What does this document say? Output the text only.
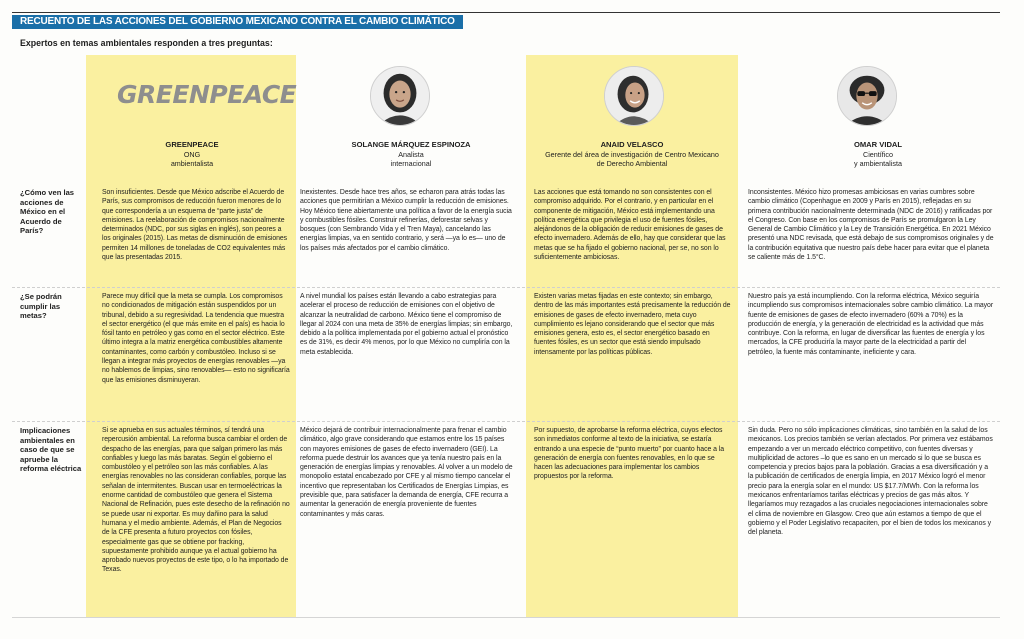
RECUENTO DE LAS ACCIONES DEL GOBIERNO MEXICANO CONTRA EL CAMBIO CLIMÁTICO
Expertos en temas ambientales responden a tres preguntas:
GREENPEACE
GREENPEACE
ONG
ambientalista
SOLANGE MÁRQUEZ ESPINOZA
Analista
internacional
ANAID VELASCO
Gerente del área de investigación de Centro Mexicano
de Derecho Ambiental
OMAR VIDAL
Científico
y ambientalista
¿Cómo ven las acciones de México en el Acuerdo de París?
¿Se podrán cumplir las metas?
Implicaciones ambientales en caso de que se apruebe la reforma eléctrica
Son insuficientes. Desde que México adscribe el Acuerdo de París, sus compromisos de reducción fueron menores de lo que correspondería a un esquema de “parte justa” de emisiones. La reelaboración de compromisos nacionalmente determinados (NDC, por sus siglas en inglés), son peores a los originales (2015). Las metas de disminución de emisiones permiten 14 millones de toneladas de CO2 equivalentes más que las presentadas 2015.
Inexistentes. Desde hace tres años, se echaron para atrás todas las acciones que permitirían a México cumplir la reducción de emisiones. Hoy México tiene abiertamente una política a favor de la energía sucia y combustibles fósiles. Construir refinerías, deforestar selvas y bosques (con Sembrando Vida y el Tren Maya), cancelando las energías limpias, va en sentido contrario, y será —ya lo es— uno de los países más afectados por el cambio climático.
Las acciones que está tomando no son consistentes con el compromiso adquirido. Por el contrario, y en particular en el componente de mitigación, México está implementando una política energética que privilegia el uso de fuentes fósiles, alejándonos de la obligación de reducir emisiones de gases de efecto invernadero. Además de ello, hay que considerar que las metas que se ha fijado el gobierno nacional, per se, no son lo suficientemente ambiciosas.
Inconsistentes. México hizo promesas ambiciosas en varias cumbres sobre cambio climático (Copenhague en 2009 y París en 2015), reflejadas en su primera contribución nacionalmente determinada (NDC de 2016) y ratificadas por el Congreso. Con base en los compromisos de París se promulgaron la Ley General de Cambio Climático y la Ley de Transición Energética. En 2021 México presentó una NDC revisada, que está debajo de sus compromisos originales y de la contribución equitativa que nuestro país debe hacer para evitar que el planeta se caliente más de 1.5°C.
Parece muy difícil que la meta se cumpla. Los compromisos no condicionados de mitigación están suspendidos por un tribunal, debido a su regresividad. La tendencia que muestra el sector energético (el que más emite en el país) es hacia lo fósil tanto en petróleo y gas como en el sector eléctrico. Este último integra a la matriz energética combustibles altamente contaminantes, como carbón y combustóleo. Incluso si se llegan a integrar más proyectos de energías renovables —ya no hablemos de limpias, sino renovables— esto no significaría que las emisiones disminuyeran.
A nivel mundial los países están llevando a cabo estrategias para acelerar el proceso de reducción de emisiones con el objetivo de alcanzar la neutralidad de carbono. México tiene el compromiso de llegar al 2024 con una meta de 35% de energías limpias; sin embargo, debido a la política implementada por el gobierno actual el pronóstico es de 31%, es decir 4% menos, por lo que México no cumpliría con la meta establecida.
Existen varias metas fijadas en este contexto; sin embargo, dentro de las más importantes está precisamente la reducción de emisiones de gases de efecto invernadero, meta cuyo cumplimiento es lejano considerando que el sector que más emisiones genera, esto es, el sector energético basado en fuentes fósiles, es un sector que está siendo impulsado intensamente por las políticas públicas.
Nuestro país ya está incumpliendo. Con la reforma eléctrica, México seguiría incumpliendo sus compromisos internacionales sobre cambio climático. La mayor fuente de emisiones de gases de efecto invernadero (60% a 70%) es la producción de energía, y la generación de electricidad es la actividad que más contribuye. Con la reforma, en lugar de diversificar las fuentes de energía y los mercados, la CFE produciría la mayor parte de la electricidad a partir del petróleo, la fuente más contaminante, ineficiente y cara.
Si se aprueba en sus actuales términos, sí tendrá una repercusión ambiental. La reforma busca cambiar el orden de despacho de las energías, para que salgan primero las más confiables y luego las más baratas. Según el gobierno el combustóleo y el petróleo son las más confiables. A las energías renovables no las consideran confiables, porque las señalan de intermitentes. Buscan usar en termoeléctricas la enorme cantidad de combustóleo que genera el Sistema Nacional de Refinación, pues este desecho de la refinación no se puede usar ni exportar. Es muy dañino para la salud humana y el medio ambiente. Además, el Plan de Negocios de la CFE presenta a futuro proyectos con fósiles, especialmente gas que se obtiene por fracking, supuestamente prohibido aunque ya el actual gobierno ha aprobado nuevos proyectos de este tipo, o lo ha importado de Texas.
México dejará de contribuir internacionalmente para frenar el cambio climático, algo grave considerando que estamos entre los 15 países con mayores emisiones de gases de efecto invernadero (GEI). La reforma puede destruir los avances que ya tenía nuestro país en la generación de energías limpias y renovables. Al volver a un modelo de monopolio estatal encabezado por CFE y al mismo tiempo cancelar el incentivo que representaban los Certificados de Energías Limpias, es previsible que, para satisfacer la demanda de energía, CFE recurra a aumentar la generación de energía proveniente de fuentes contaminantes y más caras.
Por supuesto, de aprobarse la reforma eléctrica, cuyos efectos son inmediatos conforme al texto de la iniciativa, se estaría entrando a una especie de “punto muerto” por cuanto hace a la generación de energía con fuentes renovables, en lo que se hacen las adecuaciones para implementar los cambios propuestos por la reforma.
Sin duda. Pero no sólo implicaciones climáticas, sino también en la salud de los mexicanos. Los precios también se verían afectados. Por primera vez estábamos empezando a ver un mercado eléctrico competitivo, con fuentes diversas y multiplicidad de actores –lo que es sano en un mercado si lo que se busca es competencia y precios bajos para la población. Gracias a esa diversificación y a la publicación de certificados de energía limpia, en 2017 México logró el menor precio para la energía solar en el mundo: US $17.7/MWh. Con la reforma los mexicanos enfrentaríamos tarifas eléctricas y precios de gas más altos. Y llegaríamos muy rezagados a las cruciales negociaciones internacionales sobre el clima de noviembre en Glasgow. Creo que aún estamos a tiempo de que el gobierno y el Poder Legislativo recapaciten, por el bien de todos los mexicanos y del planeta.
